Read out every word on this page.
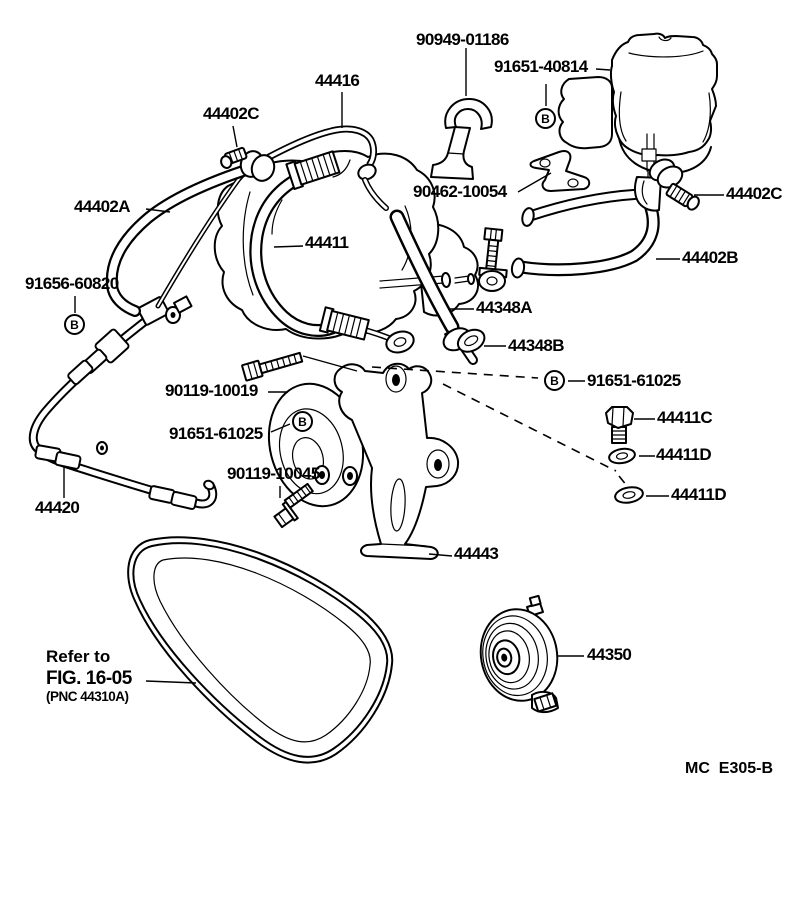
90949-01186
91651-40814
44416
44402C
44402A
44411
90462-10054	44402C
44402B
91656-60820
44348A
44348B
90119-10019
91651-61025
44411C
44411D
44411D
91651-61025
90119-10045
44420
44443
44350
B
B
B
B
Refer to
FIG. 16-05
(PNC 44310A)
MC  E305-B
